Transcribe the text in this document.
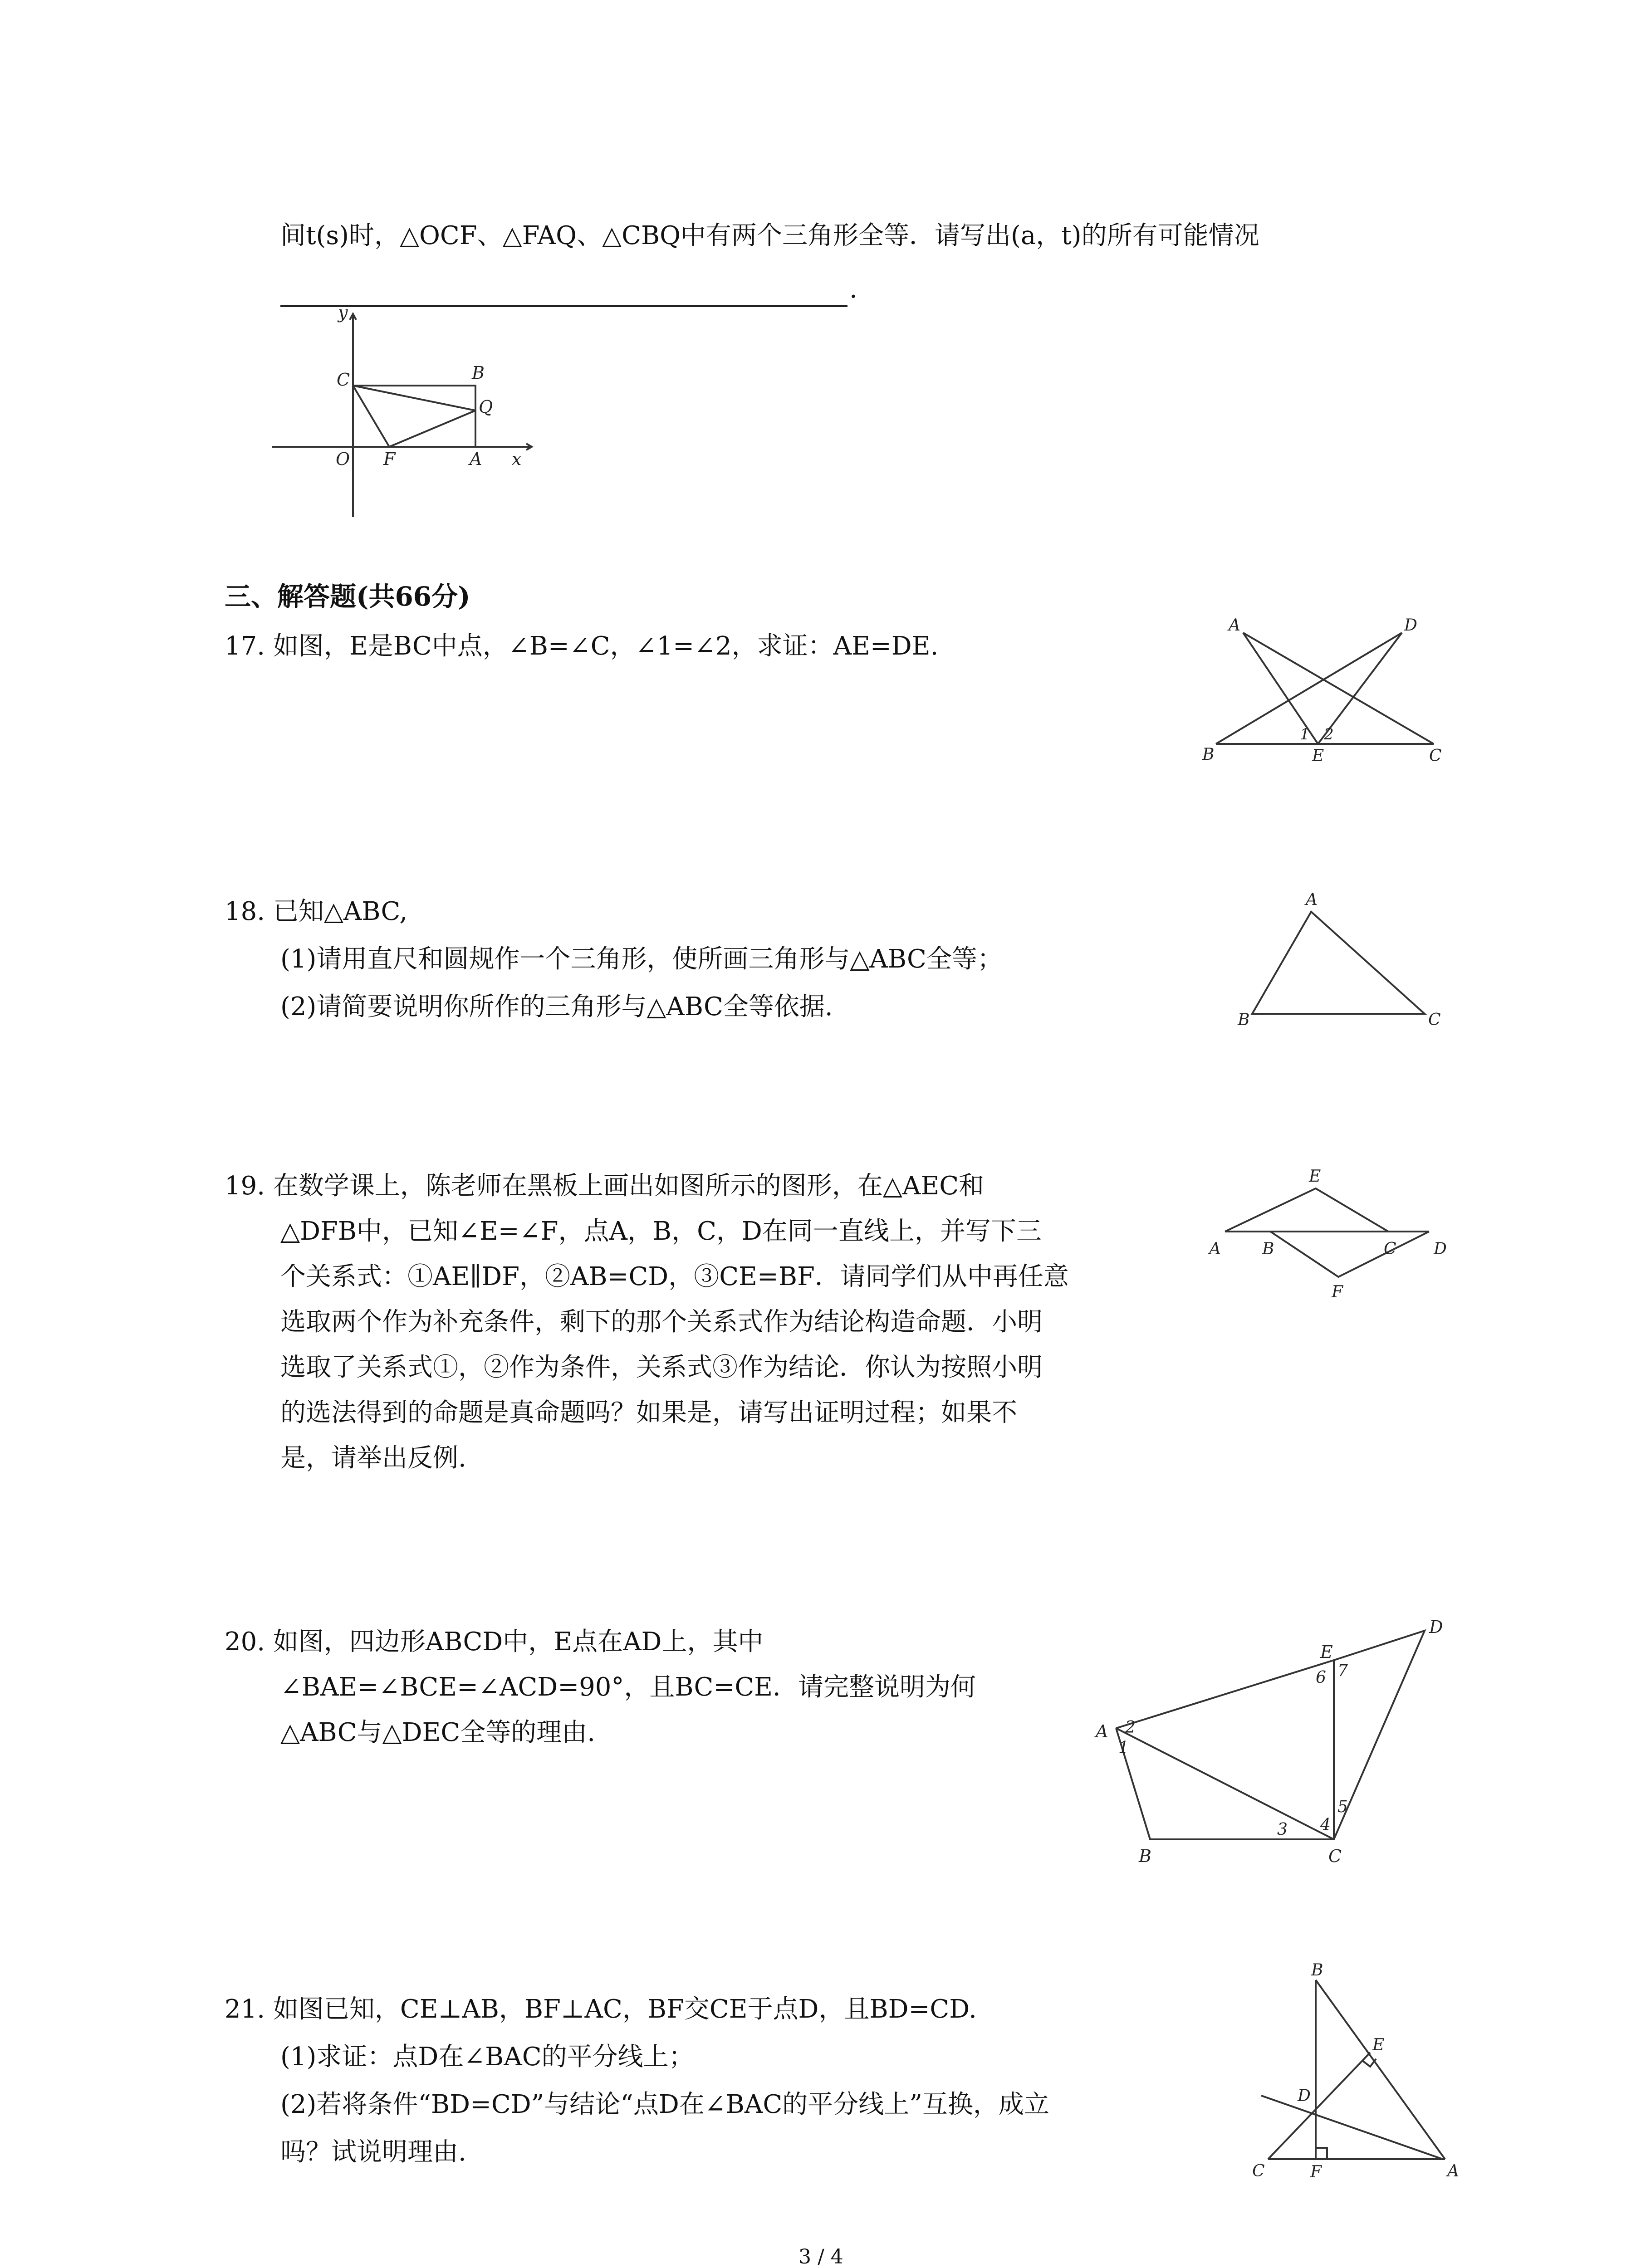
间t(s)时，△OCF、△FAQ、△CBQ中有两个三角形全等．请写出(a，t)的所有可能情况
.
y
C	B
Q
O F	A x
三、解答题(共66分)
17. 如图，E是BC中点，∠B=∠C，∠1=∠2，求证：AE=DE.
A	D
1 2
B	E	C
18. 已知△ABC,
(1)请用直尺和圆规作一个三角形，使所画三角形与△ABC全等；
(2)请简要说明你所作的三角形与△ABC全等依据.
A
B	C
19. 在数学课上，陈老师在黑板上画出如图所示的图形，在△AEC和
△DFB中，已知∠E=∠F，点A，B，C，D在同一直线上，并写下三
个关系式：①AE∥DF，②AB=CD，③CE=BF．请同学们从中再任意
选取两个作为补充条件，剩下的那个关系式作为结论构造命题．小明
选取了关系式①，②作为条件，关系式③作为结论．你认为按照小明
的选法得到的命题是真命题吗？如果是，请写出证明过程；如果不
是，请举出反例.
E
A	B	C D
F
20. 如图，四边形ABCD中，E点在AD上，其中
∠BAE=∠BCE=∠ACD=90°，且BC=CE．请完整说明为何
△ABC与△DEC全等的理由.
D
E
6 7
A 2
1
5
4
3
B	C
21. 如图已知，CE⊥AB，BF⊥AC，BF交CE于点D，且BD=CD.
(1)求证：点D在∠BAC的平分线上；
(2)若将条件“BD=CD”与结论“点D在∠BAC的平分线上”互换，成立
吗？试说明理由.
B
E
D
C	F	A
3 / 4
